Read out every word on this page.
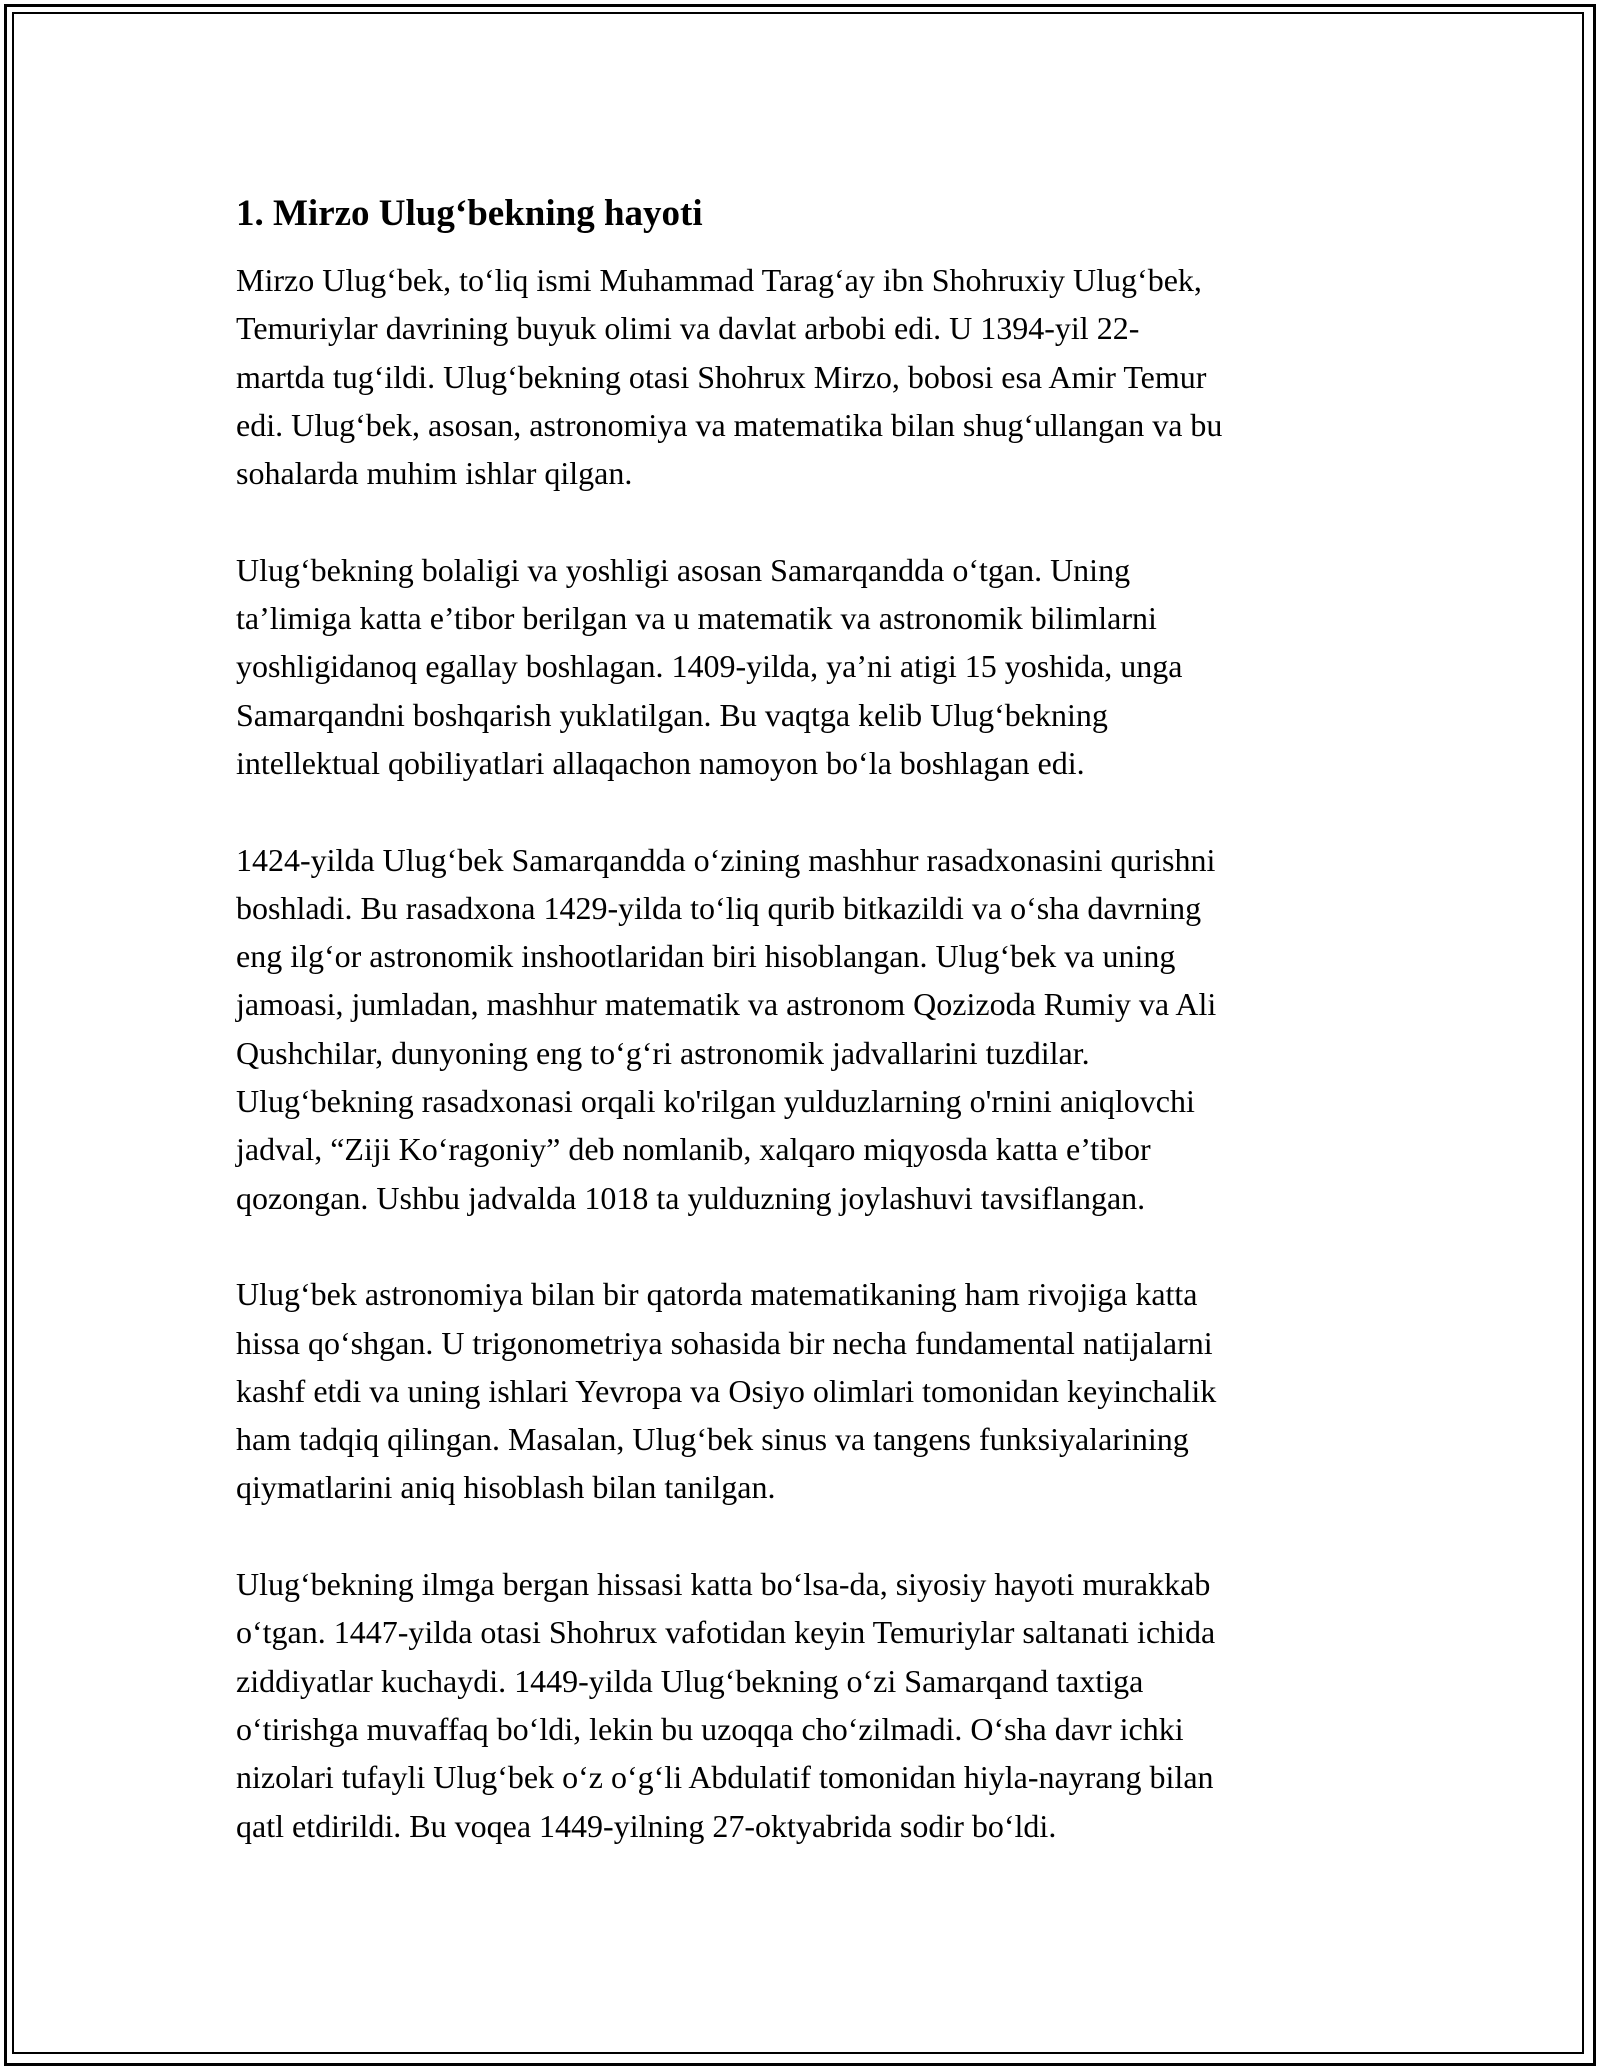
1. Mirzo Ulug‘bekning hayoti

Mirzo Ulug‘bek, to‘liq ismi Muhammad Tarag‘ay ibn Shohruxiy Ulug‘bek,
Temuriylar davrining buyuk olimi va davlat arbobi edi. U 1394-yil 22-
martda tug‘ildi. Ulug‘bekning otasi Shohrux Mirzo, bobosi esa Amir Temur
edi. Ulug‘bek, asosan, astronomiya va matematika bilan shug‘ullangan va bu
sohalarda muhim ishlar qilgan.

Ulug‘bekning bolaligi va yoshligi asosan Samarqandda o‘tgan. Uning
ta’limiga katta e’tibor berilgan va u matematik va astronomik bilimlarni
yoshligidanoq egallay boshlagan. 1409-yilda, ya’ni atigi 15 yoshida, unga
Samarqandni boshqarish yuklatilgan. Bu vaqtga kelib Ulug‘bekning
intellektual qobiliyatlari allaqachon namoyon bo‘la boshlagan edi.

1424-yilda Ulug‘bek Samarqandda o‘zining mashhur rasadxonasini qurishni
boshladi. Bu rasadxona 1429-yilda to‘liq qurib bitkazildi va o‘sha davrning
eng ilg‘or astronomik inshootlaridan biri hisoblangan. Ulug‘bek va uning
jamoasi, jumladan, mashhur matematik va astronom Qozizoda Rumiy va Ali
Qushchilar, dunyoning eng to‘g‘ri astronomik jadvallarini tuzdilar.
Ulug‘bekning rasadxonasi orqali ko'rilgan yulduzlarning o'rnini aniqlovchi
jadval, “Ziji Ko‘ragoniy” deb nomlanib, xalqaro miqyosda katta e’tibor
qozongan. Ushbu jadvalda 1018 ta yulduzning joylashuvi tavsiflangan.

Ulug‘bek astronomiya bilan bir qatorda matematikaning ham rivojiga katta
hissa qo‘shgan. U trigonometriya sohasida bir necha fundamental natijalarni
kashf etdi va uning ishlari Yevropa va Osiyo olimlari tomonidan keyinchalik
ham tadqiq qilingan. Masalan, Ulug‘bek sinus va tangens funksiyalarining
qiymatlarini aniq hisoblash bilan tanilgan.

Ulug‘bekning ilmga bergan hissasi katta bo‘lsa-da, siyosiy hayoti murakkab
o‘tgan. 1447-yilda otasi Shohrux vafotidan keyin Temuriylar saltanati ichida
ziddiyatlar kuchaydi. 1449-yilda Ulug‘bekning o‘zi Samarqand taxtiga
o‘tirishga muvaffaq bo‘ldi, lekin bu uzoqqa cho‘zilmadi. O‘sha davr ichki
nizolari tufayli Ulug‘bek o‘z o‘g‘li Abdulatif tomonidan hiyla-nayrang bilan
qatl etdirildi. Bu voqea 1449-yilning 27-oktyabrida sodir bo‘ldi.
